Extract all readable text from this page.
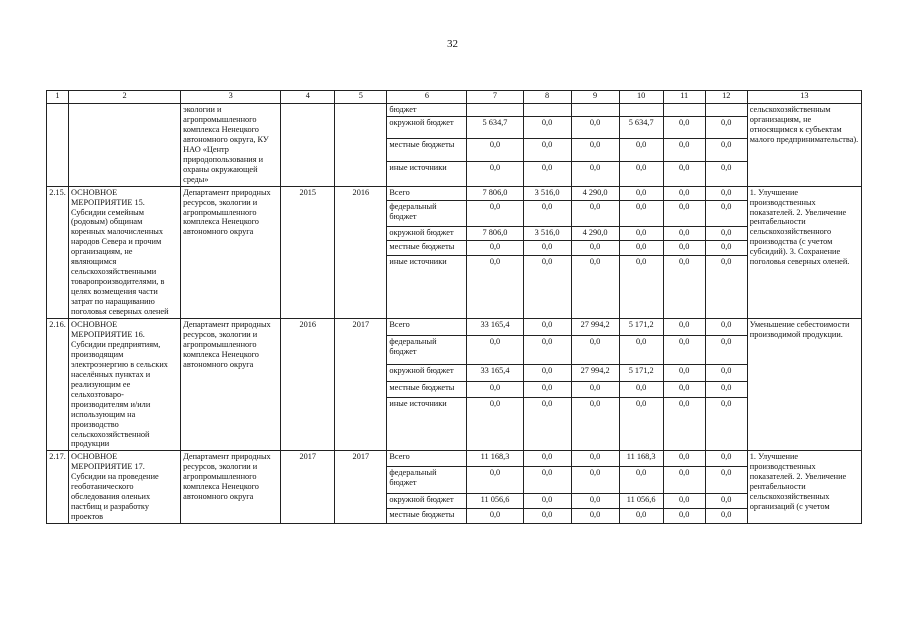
32
1	2	3	4	5	6	7	8	9	10	11	12	13
		экологии и агропромышленного комплекса Ненецкого автономного округа, КУ НАО «Центр природопользования и охраны окружающей среды»			бюджет							сельскохозяйственным организациям, не относящимся к субъектам малого предпринимательства).
					окружной бюджет	5 634,7	0,0	0,0	5 634,7	0,0	0,0	
					местные бюджеты	0,0	0,0	0,0	0,0	0,0	0,0	
					иные источники	0,0	0,0	0,0	0,0	0,0	0,0	
2.15.	ОСНОВНОЕ МЕРОПРИЯТИЕ 15. Субсидии семейным (родовым) общинам коренных малочисленных народов Севера и прочим организациям, не являющимся сельскохозяйственными товаропроизводителями, в целях возмещения части затрат по наращиванию поголовья северных оленей	Департамент природных ресурсов, экологии и агропромышленного комплекса Ненецкого автономного округа	2015	2016	Всего	7 806,0	3 516,0	4 290,0	0,0	0,0	0,0	1. Улучшение производственных показателей. 2. Увеличение рентабельности сельскохозяйственного производства (с учетом субсидий). 3. Сохранение поголовья северных оленей.
					федеральный бюджет	0,0	0,0	0,0	0,0	0,0	0,0	
					окружной бюджет	7 806,0	3 516,0	4 290,0	0,0	0,0	0,0	
					местные бюджеты	0,0	0,0	0,0	0,0	0,0	0,0	
					иные источники	0,0	0,0	0,0	0,0	0,0	0,0	
2.16.	ОСНОВНОЕ МЕРОПРИЯТИЕ 16. Субсидии предприятиям, производящим электроэнергию в сельских населённых пунктах и реализующим ее сельхозтоваро-производителям и/или использующим на производство сельскохозяйственной продукции	Департамент природных ресурсов, экологии и агропромышленного комплекса Ненецкого автономного округа	2016	2017	Всего	33 165,4	0,0	27 994,2	5 171,2	0,0	0,0	Уменьшение себестоимости производимой продукции.
					федеральный бюджет	0,0	0,0	0,0	0,0	0,0	0,0	
					окружной бюджет	33 165,4	0,0	27 994,2	5 171,2	0,0	0,0	
					местные бюджеты	0,0	0,0	0,0	0,0	0,0	0,0	
					иные источники	0,0	0,0	0,0	0,0	0,0	0,0	
2.17.	ОСНОВНОЕ МЕРОПРИЯТИЕ 17. Субсидии на проведение геоботанического обследования оленьих пастбищ и разработку проектов	Департамент природных ресурсов, экологии и агропромышленного комплекса Ненецкого автономного округа	2017	2017	Всего	11 168,3	0,0	0,0	11 168,3	0,0	0,0	1. Улучшение производственных показателей. 2. Увеличение рентабельности сельскохозяйственных организаций (с учетом
					федеральный бюджет	0,0	0,0	0,0	0,0	0,0	0,0	
					окружной бюджет	11 056,6	0,0	0,0	11 056,6	0,0	0,0	
					местные бюджеты	0,0	0,0	0,0	0,0	0,0	0,0	
